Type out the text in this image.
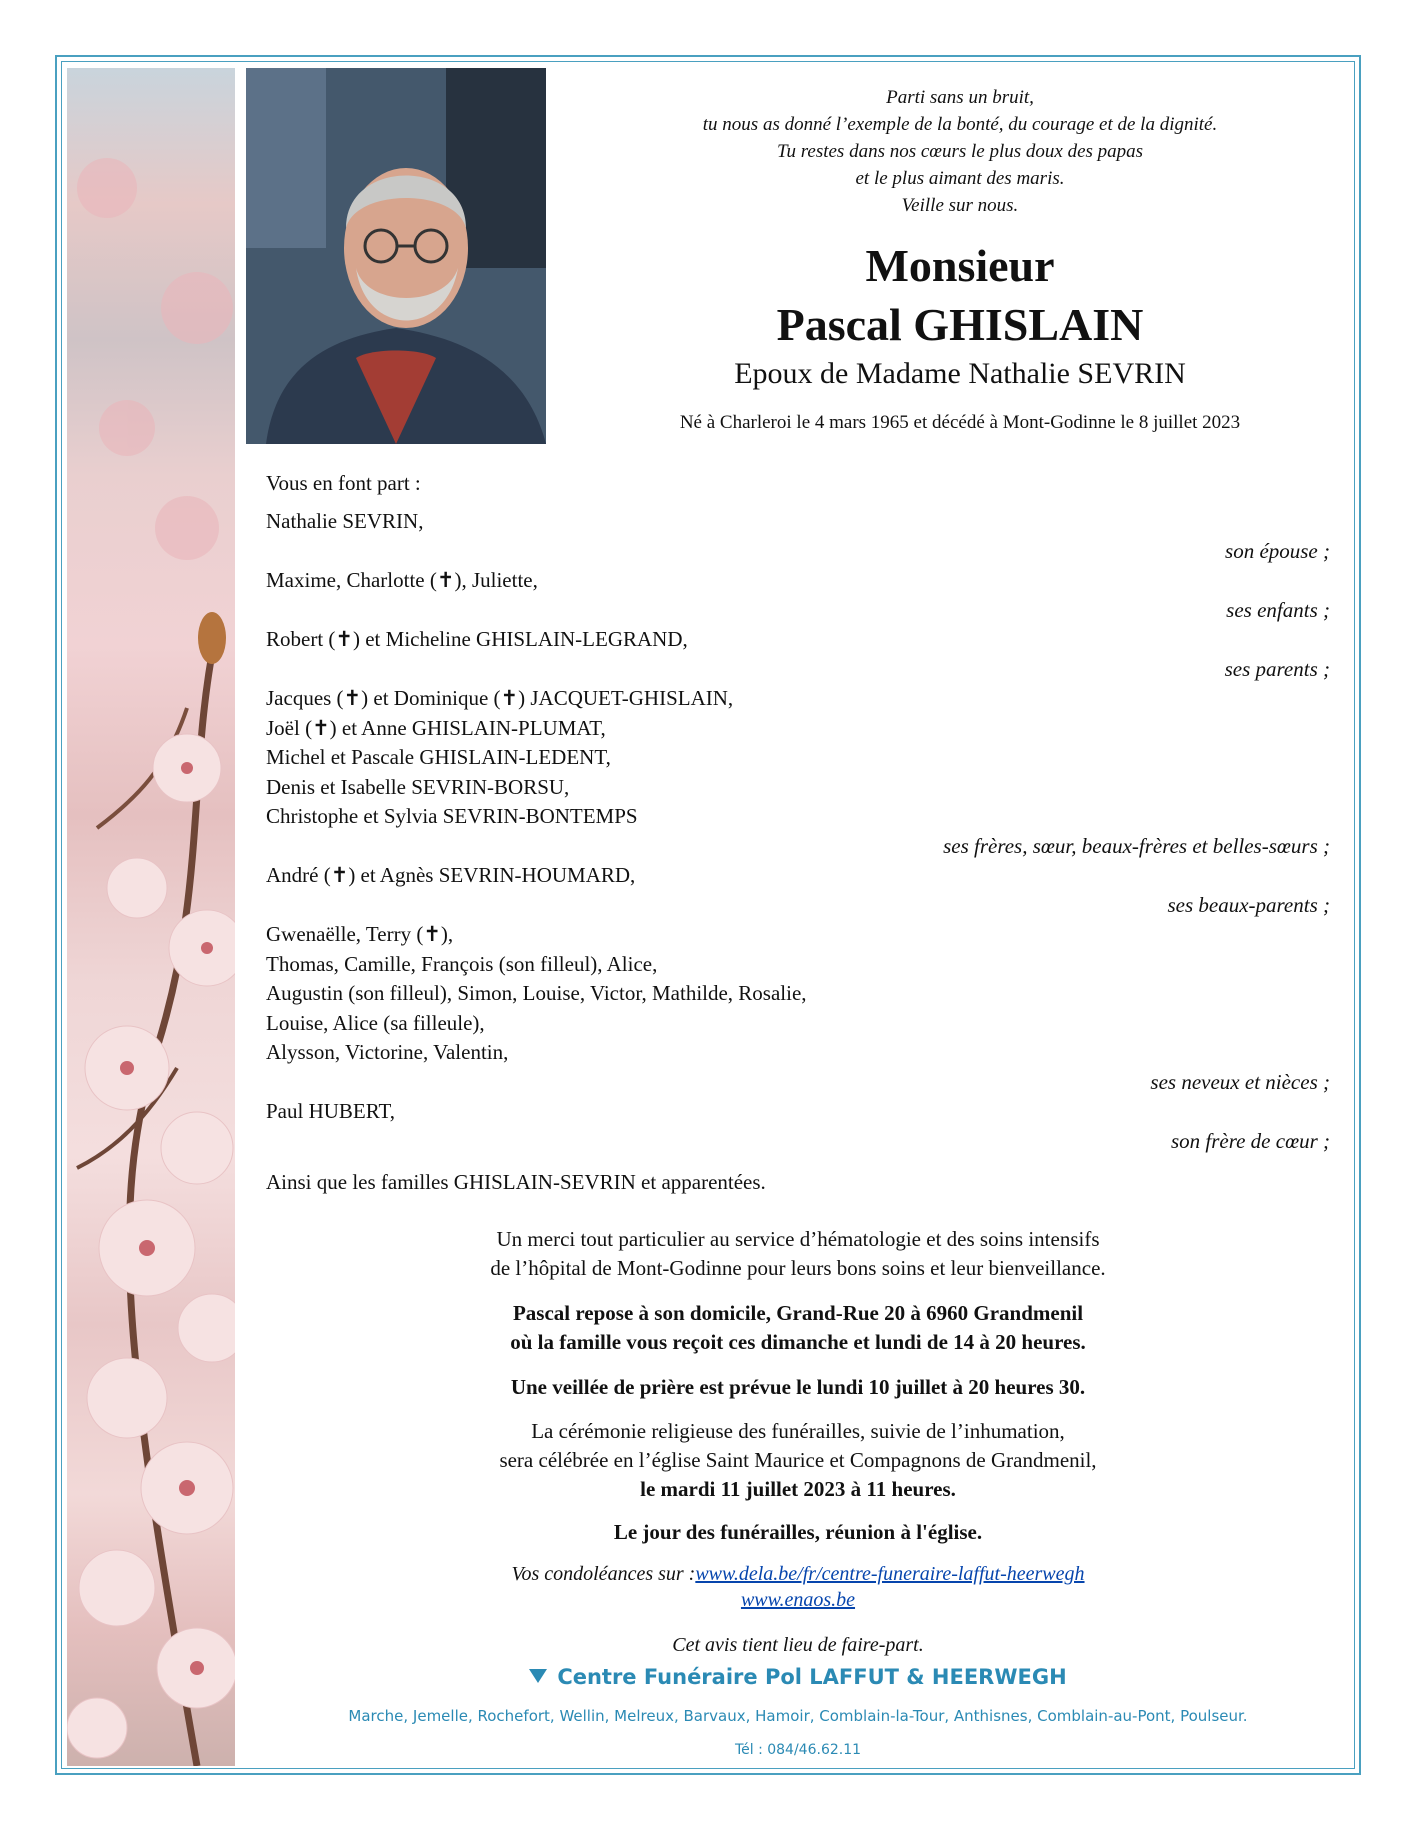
Parti sans un bruit,
tu nous as donné l’exemple de la bonté, du courage et de la dignité.
Tu restes dans nos cœurs le plus doux des papas
et le plus aimant des maris.
Veille sur nous.
Monsieur
Pascal GHISLAIN
Epoux de Madame Nathalie SEVRIN
Né à Charleroi le 4 mars 1965 et décédé à Mont-Godinne le 8 juillet 2023
Vous en font part :
Nathalie SEVRIN,
son épouse ;
Maxime, Charlotte (✝), Juliette,
ses enfants ;
Robert (✝) et Micheline GHISLAIN-LEGRAND,
ses parents ;
Jacques (✝) et Dominique (✝) JACQUET-GHISLAIN,
Joël (✝) et Anne GHISLAIN-PLUMAT,
Michel et Pascale GHISLAIN-LEDENT,
Denis et Isabelle SEVRIN-BORSU,
Christophe et Sylvia SEVRIN-BONTEMPS
ses frères, sœur, beaux-frères et belles-sœurs ;
André (✝) et Agnès SEVRIN-HOUMARD,
ses beaux-parents ;
Gwenaëlle, Terry (✝),
Thomas, Camille, François (son filleul), Alice,
Augustin (son filleul), Simon, Louise, Victor, Mathilde, Rosalie,
Louise, Alice (sa filleule),
Alysson, Victorine, Valentin,
ses neveux et nièces ;
Paul HUBERT,
son frère de cœur ;
Ainsi que les familles GHISLAIN-SEVRIN et apparentées.
Un merci tout particulier au service d’hématologie et des soins intensifs
de l’hôpital de Mont-Godinne pour leurs bons soins et leur bienveillance.
Pascal repose à son domicile, Grand-Rue 20 à 6960 Grandmenil
où la famille vous reçoit ces dimanche et lundi de 14 à 20 heures.
Une veillée de prière est prévue le lundi 10 juillet à 20 heures 30.
La cérémonie religieuse des funérailles, suivie de l’inhumation,
sera célébrée en l’église Saint Maurice et Compagnons de Grandmenil,
le mardi 11 juillet 2023 à 11 heures.
Le jour des funérailles, réunion à l'église.
Vos condoléances sur :www.dela.be/fr/centre-funeraire-laffut-heerwegh
www.enaos.be
Cet avis tient lieu de faire-part.
Centre Funéraire Pol LAFFUT & HEERWEGH
Marche, Jemelle, Rochefort, Wellin, Melreux, Barvaux, Hamoir, Comblain-la-Tour, Anthisnes, Comblain-au-Pont, Poulseur.
Tél : 084/46.62.11
